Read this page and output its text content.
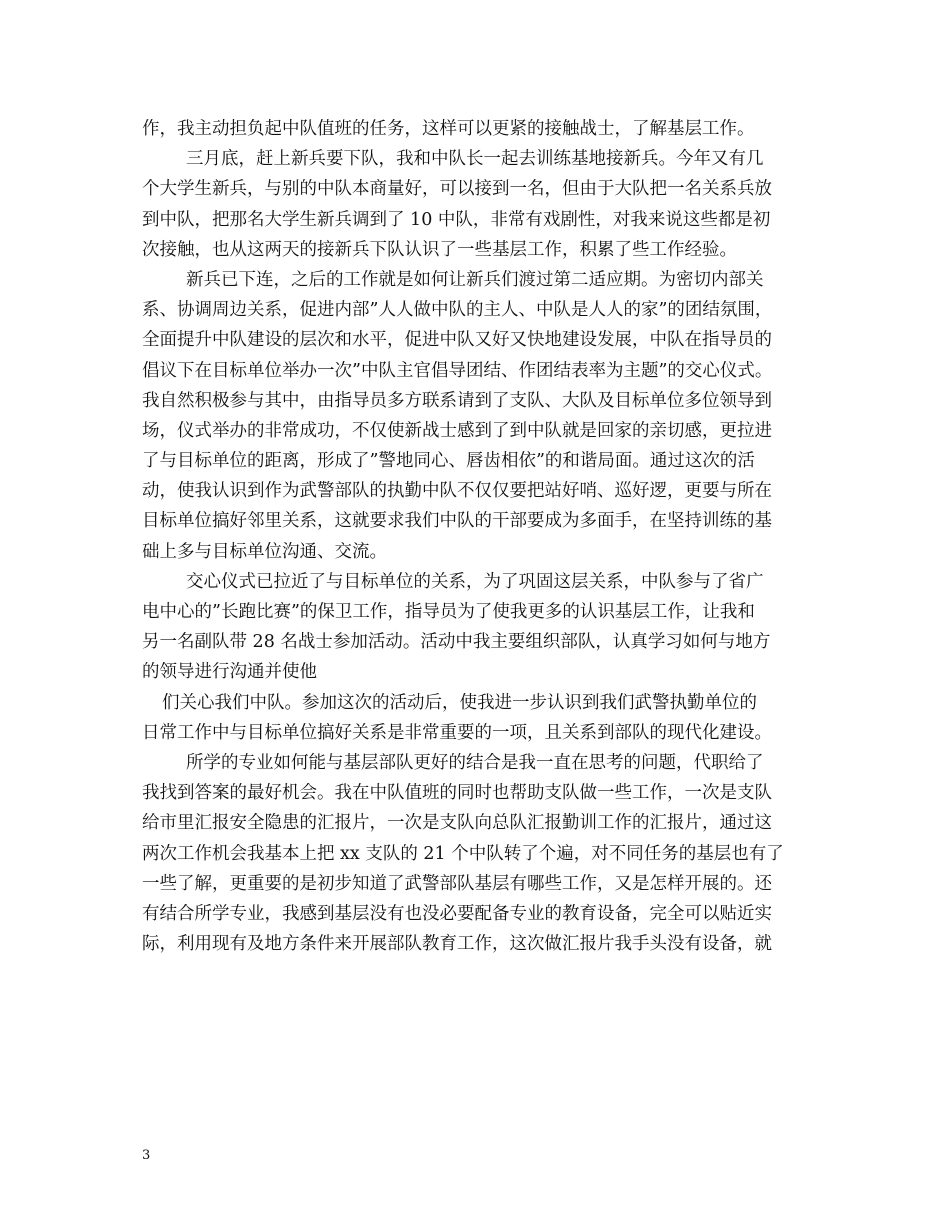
作，我主动担负起中队值班的任务，这样可以更紧的接触战士，了解基层工作。
三月底，赶上新兵要下队，我和中队长一起去训练基地接新兵。今年又有几
个大学生新兵，与别的中队本商量好，可以接到一名，但由于大队把一名关系兵放
到中队，把那名大学生新兵调到了 10 中队，非常有戏剧性，对我来说这些都是初
次接触，也从这两天的接新兵下队认识了一些基层工作，积累了些工作经验。
新兵已下连，之后的工作就是如何让新兵们渡过第二适应期。为密切内部关
系、协调周边关系，促进内部”人人做中队的主人、中队是人人的家”的团结氛围，
全面提升中队建设的层次和水平，促进中队又好又快地建设发展，中队在指导员的
倡议下在目标单位举办一次”中队主官倡导团结、作团结表率为主题”的交心仪式。
我自然积极参与其中，由指导员多方联系请到了支队、大队及目标单位多位领导到
场，仪式举办的非常成功，不仅使新战士感到了到中队就是回家的亲切感，更拉进
了与目标单位的距离，形成了”警地同心、唇齿相依”的和谐局面。通过这次的活
动，使我认识到作为武警部队的执勤中队不仅仅要把站好哨、巡好逻，更要与所在
目标单位搞好邻里关系，这就要求我们中队的干部要成为多面手，在坚持训练的基
础上多与目标单位沟通、交流。
交心仪式已拉近了与目标单位的关系，为了巩固这层关系，中队参与了省广
电中心的”长跑比赛”的保卫工作，指导员为了使我更多的认识基层工作，让我和
另一名副队带 28 名战士参加活动。活动中我主要组织部队，认真学习如何与地方
的领导进行沟通并使他
们关心我们中队。参加这次的活动后，使我进一步认识到我们武警执勤单位的
日常工作中与目标单位搞好关系是非常重要的一项，且关系到部队的现代化建设。
所学的专业如何能与基层部队更好的结合是我一直在思考的问题，代职给了
我找到答案的最好机会。我在中队值班的同时也帮助支队做一些工作，一次是支队
给市里汇报安全隐患的汇报片，一次是支队向总队汇报勤训工作的汇报片，通过这
两次工作机会我基本上把 xx 支队的 21 个中队转了个遍，对不同任务的基层也有了
一些了解，更重要的是初步知道了武警部队基层有哪些工作，又是怎样开展的。还
有结合所学专业，我感到基层没有也没必要配备专业的教育设备，完全可以贴近实
际，利用现有及地方条件来开展部队教育工作，这次做汇报片我手头没有设备，就
3
